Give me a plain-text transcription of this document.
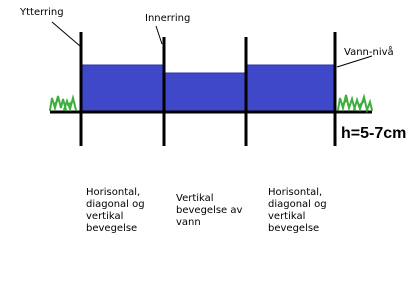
Ytterring
Innerring
Vann-nivå
h=5-7cm
Horisontal,
diagonal og
vertikal
bevegelse
Vertikal
bevegelse av
vann
Horisontal,
diagonal og
vertikal
bevegelse
